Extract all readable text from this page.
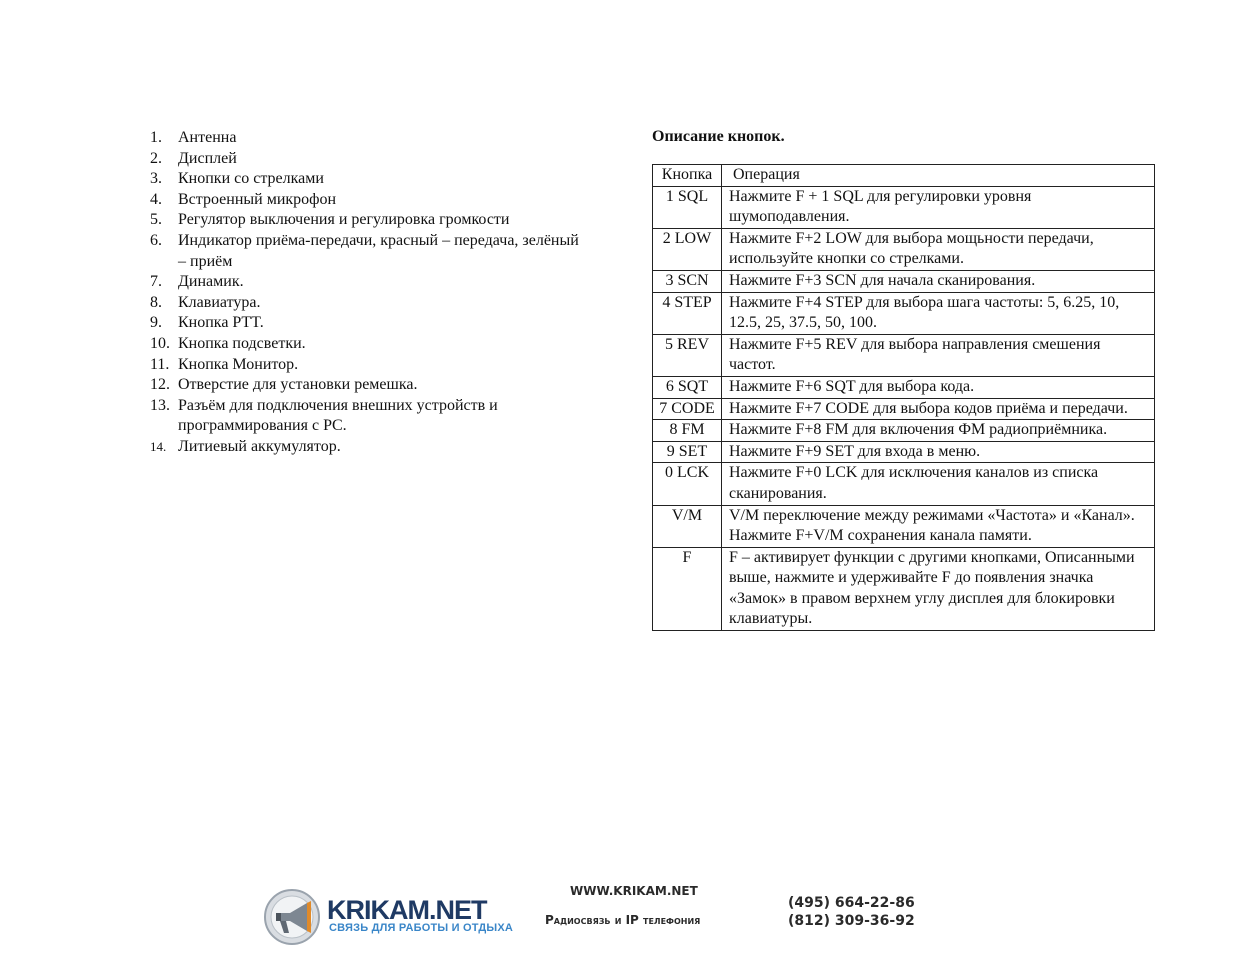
1.	Антенна
2.	Дисплей
3.	Кнопки со стрелками
4.	Встроенный микрофон
5.	Регулятор выключения и регулировка громкости
6.	Индикатор приёма-передачи, красный – передача, зелёный – приём
7.	Динамик.
8.	Клавиатура.
9.	Кнопка PTT.
10. Кнопка подсветки.
11. Кнопка Монитор.
12. Отверстие для установки ремешка.
13. Разъём для подключения внешних устройств и программирования с PC.
14. Литиевый аккумулятор.
Описание кнопок.
Кнопка	Операция
1 SQL	Нажмите F + 1 SQL для регулировки уровня шумоподавления.
2 LOW	Нажмите F+2 LOW для выбора мощьности передачи, используйте кнопки со стрелками.
3 SCN	Нажмите F+3 SCN для начала сканирования.
4 STEP	Нажмите F+4 STEP для выбора шага частоты: 5, 6.25, 10, 12.5, 25, 37.5, 50, 100.
5 REV	Нажмите F+5 REV для выбора направления смешения частот.
6 SQT	Нажмите F+6 SQT для выбора кода.
7 CODE	Нажмите F+7 CODE для выбора кодов приёма и передачи.
8 FM	Нажмите F+8 FM для включения ФМ радиоприёмника.
9 SET	Нажмите F+9 SET для входа в меню.
0 LCK	Нажмите F+0 LCK для исключения каналов из списка сканирования.
V/M	V/M переключение между режимами «Частота» и «Канал». Нажмите F+V/M сохранения канала памяти.
F	F – активирует функции с другими кнопками, Описанными выше, нажмите и удерживайте F до появления значка «Замок» в правом верхнем углу дисплея для блокировки клавиатуры.
KRIKAM.NET
СВЯЗЬ ДЛЯ РАБОТЫ И ОТДЫХА
WWW.KRIKAM.NET
Радиосвязь и IP телефония
(495) 664-22-86
(812) 309-36-92
